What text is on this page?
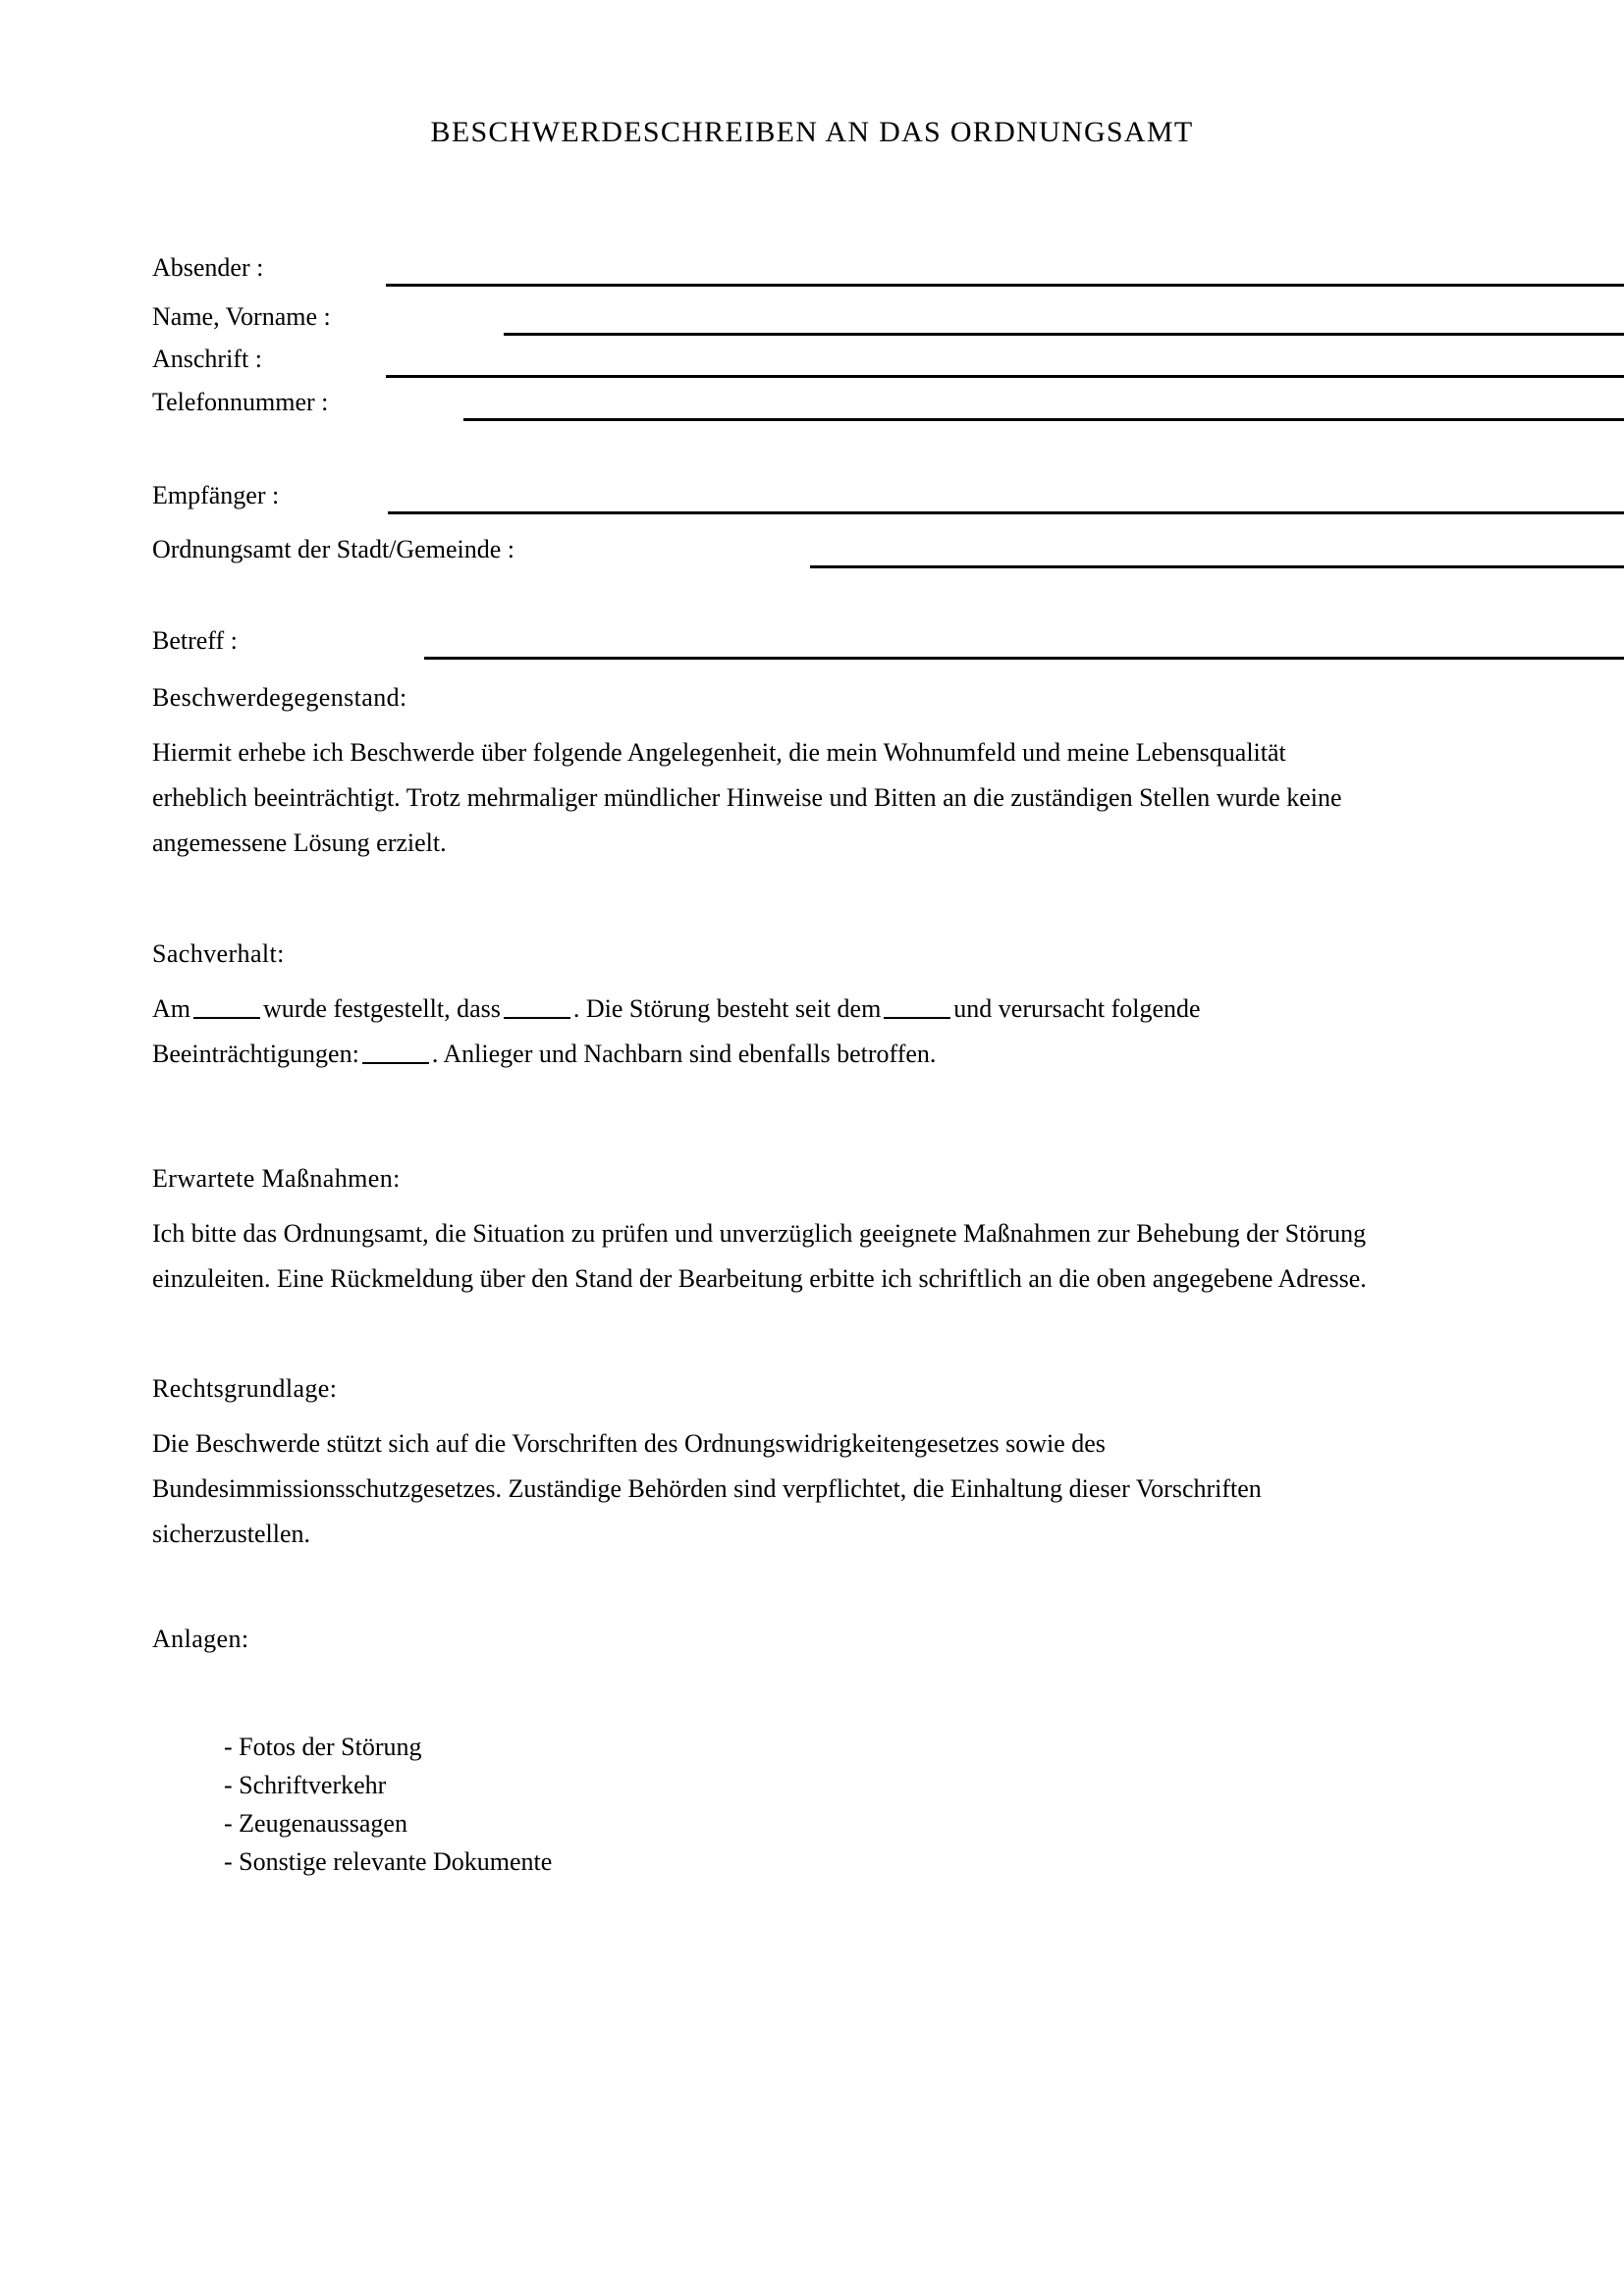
BESCHWERDESCHREIBEN AN DAS ORDNUNGSAMT
Absender :
Name, Vorname :
Anschrift :
Telefonnummer :
Empfänger :
Ordnungsamt der Stadt/Gemeinde :
Betreff :
Beschwerdegegenstand:
Hiermit erhebe ich Beschwerde über folgende Angelegenheit, die mein Wohnumfeld und meine Lebensqualität
erheblich beeinträchtigt. Trotz mehrmaliger mündlicher Hinweise und Bitten an die zuständigen Stellen wurde keine
angemessene Lösung erzielt.
Sachverhalt:
Am	wurde festgestellt, dass	. Die Störung besteht seit dem	und verursacht folgende
Beeinträchtigungen:	. Anlieger und Nachbarn sind ebenfalls betroffen.
Erwartete Maßnahmen:
Ich bitte das Ordnungsamt, die Situation zu prüfen und unverzüglich geeignete Maßnahmen zur Behebung der Störung
einzuleiten. Eine Rückmeldung über den Stand der Bearbeitung erbitte ich schriftlich an die oben angegebene Adresse.
Rechtsgrundlage:
Die Beschwerde stützt sich auf die Vorschriften des Ordnungswidrigkeitengesetzes sowie des
Bundesimmissionsschutzgesetzes. Zuständige Behörden sind verpflichtet, die Einhaltung dieser Vorschriften
sicherzustellen.
Anlagen:
- Fotos der Störung
- Schriftverkehr
- Zeugenaussagen
- Sonstige relevante Dokumente
